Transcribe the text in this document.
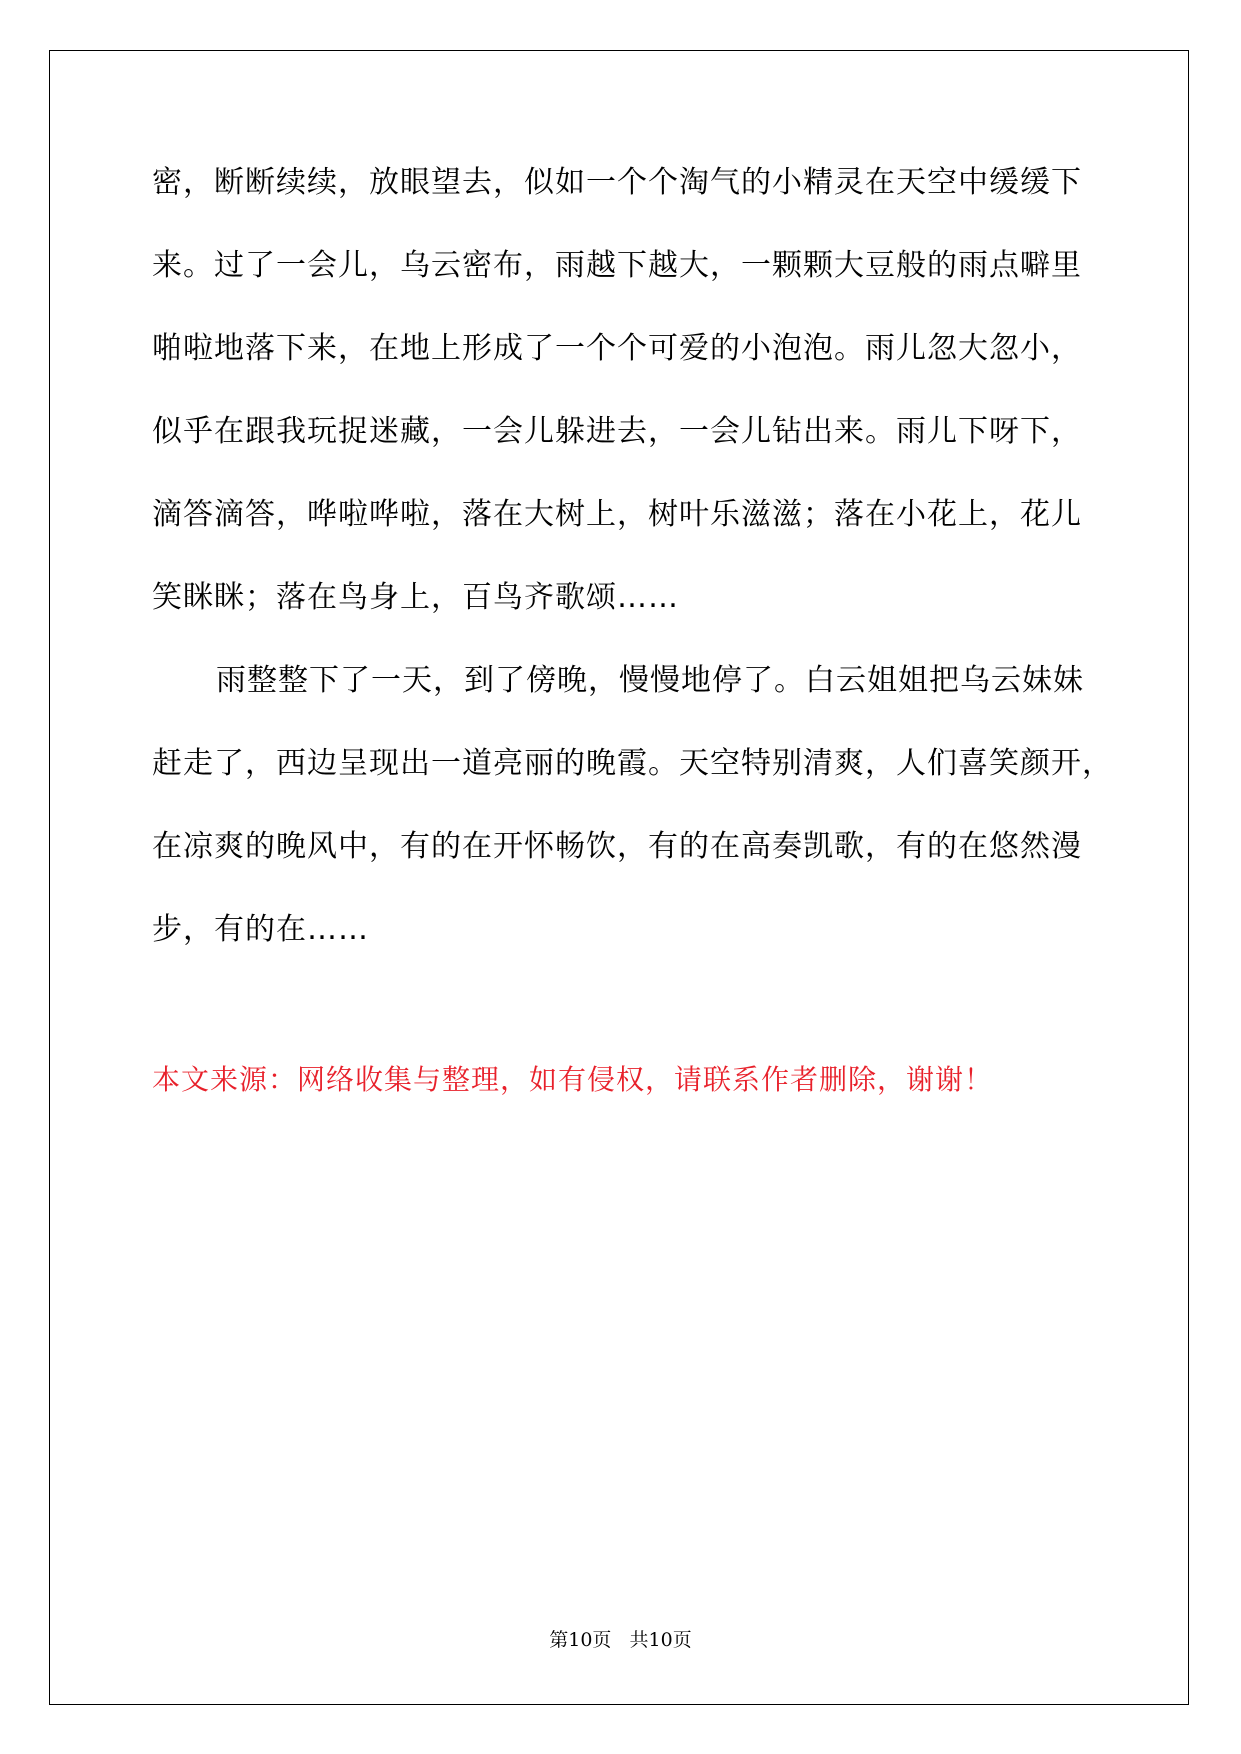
密，断断续续，放眼望去，似如一个个淘气的小精灵在天空中缓缓下
来。过了一会儿，乌云密布，雨越下越大，一颗颗大豆般的雨点噼里
啪啦地落下来，在地上形成了一个个可爱的小泡泡。雨儿忽大忽小，
似乎在跟我玩捉迷藏，一会儿躲进去，一会儿钻出来。雨儿下呀下，
滴答滴答，哗啦哗啦，落在大树上，树叶乐滋滋；落在小花上，花儿
笑眯眯；落在鸟身上，百鸟齐歌颂……
雨整整下了一天，到了傍晚，慢慢地停了。白云姐姐把乌云妹妹
赶走了，西边呈现出一道亮丽的晚霞。天空特别清爽，人们喜笑颜开，
在凉爽的晚风中，有的在开怀畅饮，有的在高奏凯歌，有的在悠然漫
步，有的在……
本文来源：网络收集与整理，如有侵权，请联系作者删除，谢谢！
第10页   共10页
